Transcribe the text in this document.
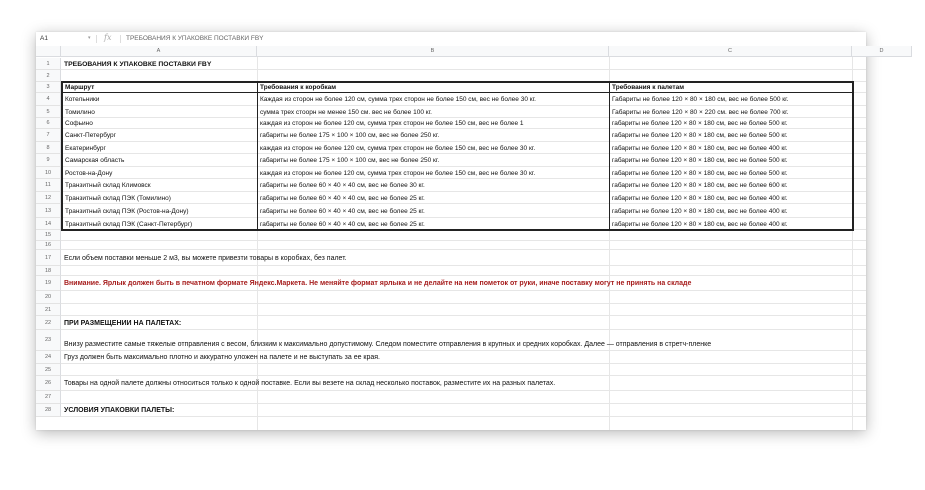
A1	▾ fx ТРЕБОВАНИЯ К УПАКОВКЕ ПОСТАВКИ FBY
A	B	C	D
1
2
3
4
5
6
7
8
9
10
11
12
13
14
15
16
17
18
19
20
21
22
23
24
25
26
27
28
ТРЕБОВАНИЯ К УПАКОВКЕ ПОСТАВКИ FBY
Маршрут	Требования к коробкам	Требования к палетам
Котельники	Каждая из сторон не более 120 см, сумма трех сторон не более 150 см, вес не более 30 кг.	Габариты не более 120 × 80 × 180 см, вес не более 500 кг.
Томилино	сумма трех стоорн не менее 150 см. вес не более 100 кг.	Габариты не более 120 × 80 × 220 см. вес не более 700 кг.
Софьино	каждая из сторон не более 120 см, сумма трех сторон не более 150 см, вес не более 1	габариты не более 120 × 80 × 180 см, вес не более 500 кг.
Санкт-Петербург	габариты не более 175 × 100 × 100 см, вес не более 250 кг.	габариты не более 120 × 80 × 180 см, вес не более 500 кг.
Екатеринбург	каждая из сторон не более 120 см, сумма трех сторон не более 150 см, вес не более 30 кг.	габариты не более 120 × 80 × 180 см, вес не более 400 кг.
Самарская область	габариты не более 175 × 100 × 100 см, вес не более 250 кг.	габариты не более 120 × 80 × 180 см, вес не более 500 кг.
Ростов-на-Дону	каждая из сторон не более 120 см, сумма трех сторон не более 150 см, вес не более 30 кг.	габариты не более 120 × 80 × 180 см, вес не более 500 кг.
Транзитный склад Климовск	габариты не более 60 × 40 × 40 см, вес не более 30 кг.	габариты не более 120 × 80 × 180 см, вес не более 600 кг.
Транзитный склад ПЭК (Томилино)	габариты не более 60 × 40 × 40 см, вес не более 25 кг.	габариты не более 120 × 80 × 180 см, вес не более 400 кг.
Транзитный склад ПЭК (Ростов-на-Дону)	габариты не более 60 × 40 × 40 см, вес не более 25 кг.	габариты не более 120 × 80 × 180 см, вес не более 400 кг.
Транзитный склад ПЭК (Санкт-Петербург)	габариты не более 60 × 40 × 40 см, вес не более 25 кг.	габариты не более 120 × 80 × 180 см, вес не более 400 кг.
Если объем поставки меньше 2 м3, вы можете привезти товары в коробках, без палет.
Внимание. Ярлык должен быть в печатном формате Яндекс.Маркета. Не меняйте формат ярлыка и не делайте на нем пометок от руки, иначе поставку могут не принять на складе
ПРИ РАЗМЕЩЕНИИ НА ПАЛЕТАХ:
Внизу разместите самые тяжелые отправления с весом, близким к максимально допустимому. Следом поместите отправления в крупных и средних коробках. Далее — отправления в стретч-пленке
Груз должен быть максимально плотно и аккуратно уложен на палете и не выступать за ее края.
Товары на одной палете должны относиться только к одной поставке. Если вы везете на склад несколько поставок, разместите их на разных палетах.
УСЛОВИЯ УПАКОВКИ ПАЛЕТЫ:
